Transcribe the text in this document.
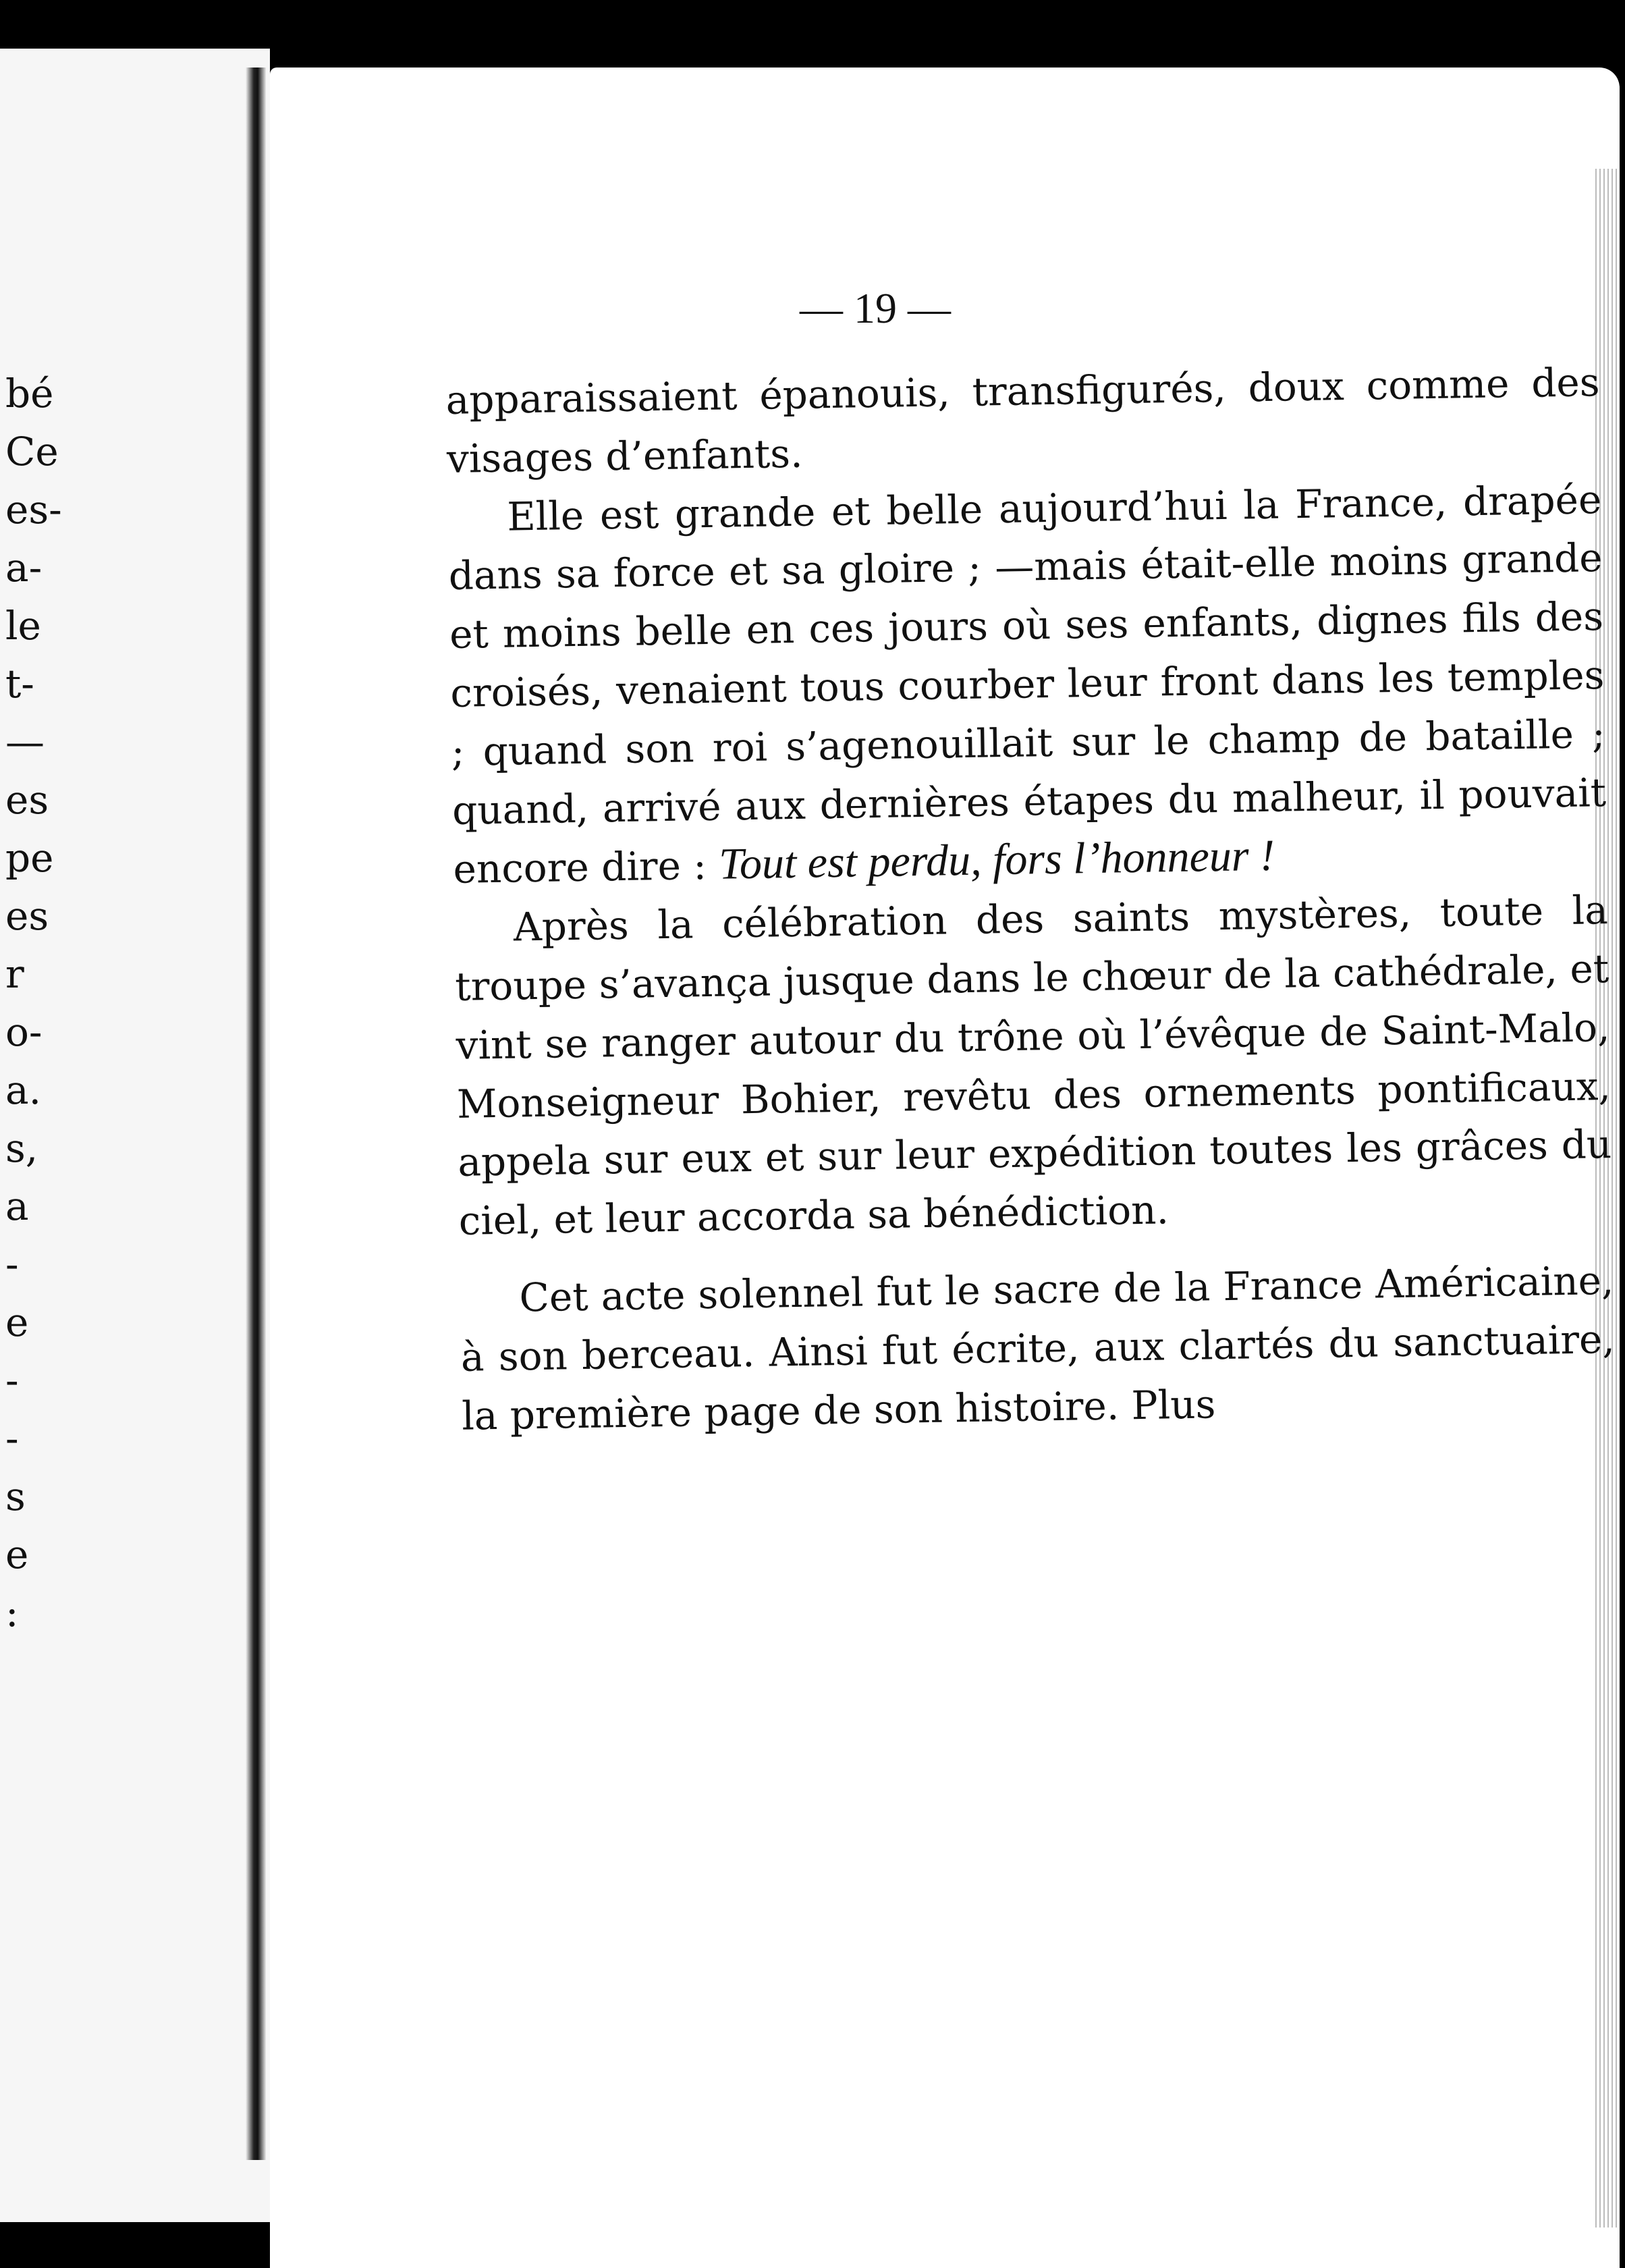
bé
Ce
es-
a-
le
t-
—
es
pe
es
r
o-
a.
s,
a
-
e
-
-
s
e
:
— 19 —

apparaissaient épanouis, transfigurés, doux comme des visages d’enfants.

Elle est grande et belle aujourd’hui la France, drapée dans sa force et sa gloire ; —mais était-elle moins grande et moins belle en ces jours où ses enfants, dignes fils des croisés, venaient tous courber leur front dans les temples ; quand son roi s’agenouillait sur le champ de bataille ; quand, arrivé aux dernières étapes du malheur, il pouvait encore dire : Tout est perdu, fors l’honneur !

Après la célébration des saints mystères, toute la troupe s’avança jusque dans le chœur de la cathédrale, et vint se ranger autour du trône où l’évêque de Saint-Malo, Monseigneur Bohier, revêtu des ornements pontificaux, appela sur eux et sur leur expédition toutes les grâces du ciel, et leur accorda sa bénédiction.

Cet acte solennel fut le sacre de la France Américaine, à son berceau. Ainsi fut écrite, aux clartés du sanctuaire, la première page de son histoire. Plus
